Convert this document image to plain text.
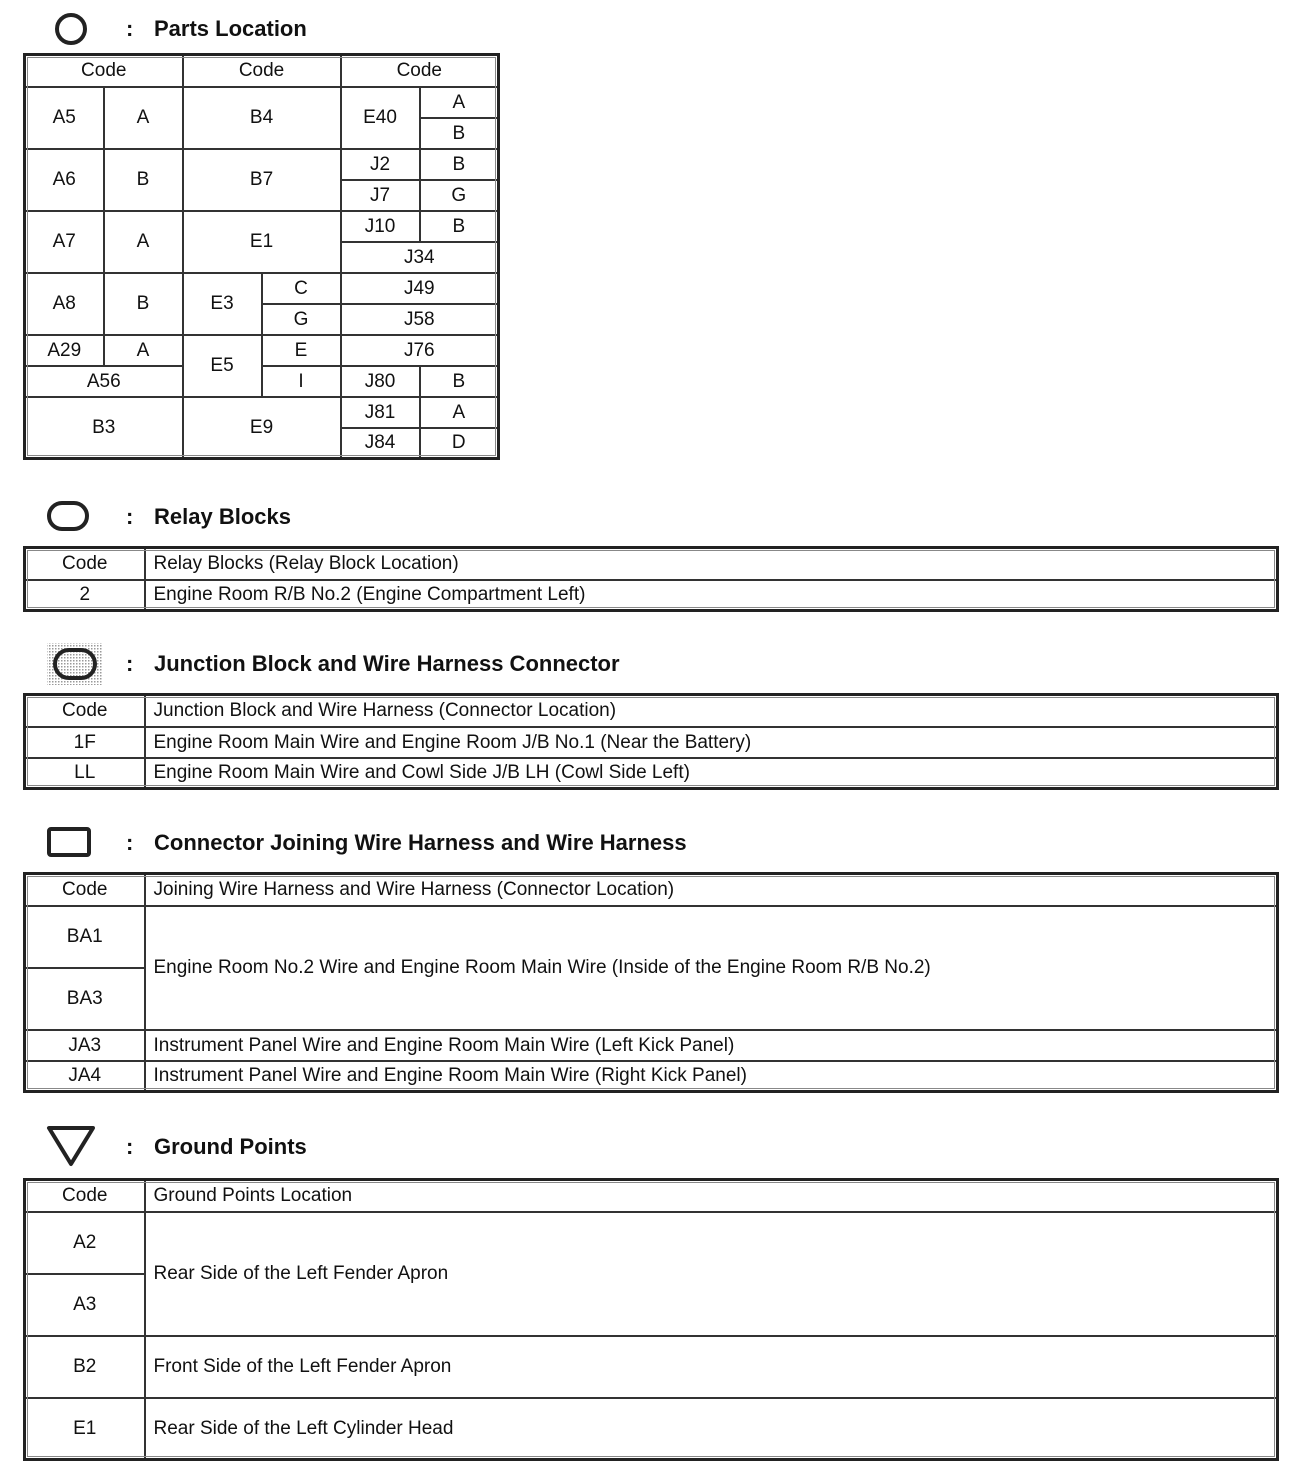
: Parts Location
Code		Code		Code	
A5	A	B4		E40	A
					B
A6	B	B7		J2	B
				J7	G
A7	A	E1		J10	B
				J34	
A8	B	E3	C	J49	
			G	J58	
A29	A	E5	E	J76	
A56			I	J80	B
B3		E9		J81	A
				J84	D
: Relay Blocks
Code	Relay Blocks (Relay Block Location)
2	Engine Room R/B No.2 (Engine Compartment Left)
: Junction Block and Wire Harness Connector
Code	Junction Block and Wire Harness (Connector Location)
1F	Engine Room Main Wire and Engine Room J/B No.1 (Near the Battery)
LL	Engine Room Main Wire and Cowl Side J/B LH (Cowl Side Left)
: Connector Joining Wire Harness and Wire Harness
Code	Joining Wire Harness and Wire Harness (Connector Location)
BA1	Engine Room No.2 Wire and Engine Room Main Wire (Inside of the Engine Room R/B No.2)
BA3	
JA3	Instrument Panel Wire and Engine Room Main Wire (Left Kick Panel)
JA4	Instrument Panel Wire and Engine Room Main Wire (Right Kick Panel)
: Ground Points
Code	Ground Points Location
A2	Rear Side of the Left Fender Apron
A3	
B2	Front Side of the Left Fender Apron
E1	Rear Side of the Left Cylinder Head
